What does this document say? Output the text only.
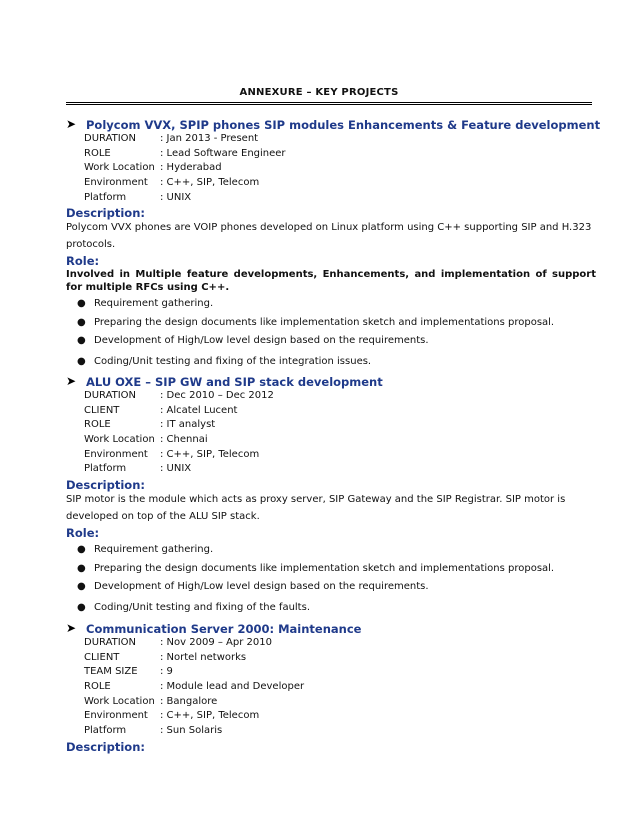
ANNEXURE – KEY PROJECTS
➤ Polycom VVX, SPIP phones SIP modules Enhancements & Feature development
DURATION : Jan 2013 - Present
ROLE	: Lead Software Engineer
Work Location : Hyderabad
Environment : C++, SIP, Telecom
Platform	: UNIX
Description:
Polycom VVX phones are VOIP phones developed on Linux platform using C++ supporting SIP and H.323 protocols.
Role:
Involved in Multiple feature developments, Enhancements, and implementation of support for multiple RFCs using C++.
● Requirement gathering.
● Preparing the design documents like implementation sketch and implementations proposal.
● Development of High/Low level design based on the requirements.
● Coding/Unit testing and fixing of the integration issues.
➤ ALU OXE – SIP GW and SIP stack development
DURATION : Dec 2010 – Dec 2012
CLIENT	: Alcatel Lucent
ROLE	: IT analyst
Work Location : Chennai
Environment : C++, SIP, Telecom
Platform	: UNIX
Description:
SIP motor is the module which acts as proxy server, SIP Gateway and the SIP Registrar. SIP motor is developed on top of the ALU SIP stack.
Role:
● Requirement gathering.
● Preparing the design documents like implementation sketch and implementations proposal.
● Development of High/Low level design based on the requirements.
● Coding/Unit testing and fixing of the faults.
➤ Communication Server 2000: Maintenance
DURATION : Nov 2009 – Apr 2010
CLIENT	: Nortel networks
TEAM SIZE : 9
ROLE	: Module lead and Developer
Work Location : Bangalore
Environment : C++, SIP, Telecom
Platform	: Sun Solaris
Description:
